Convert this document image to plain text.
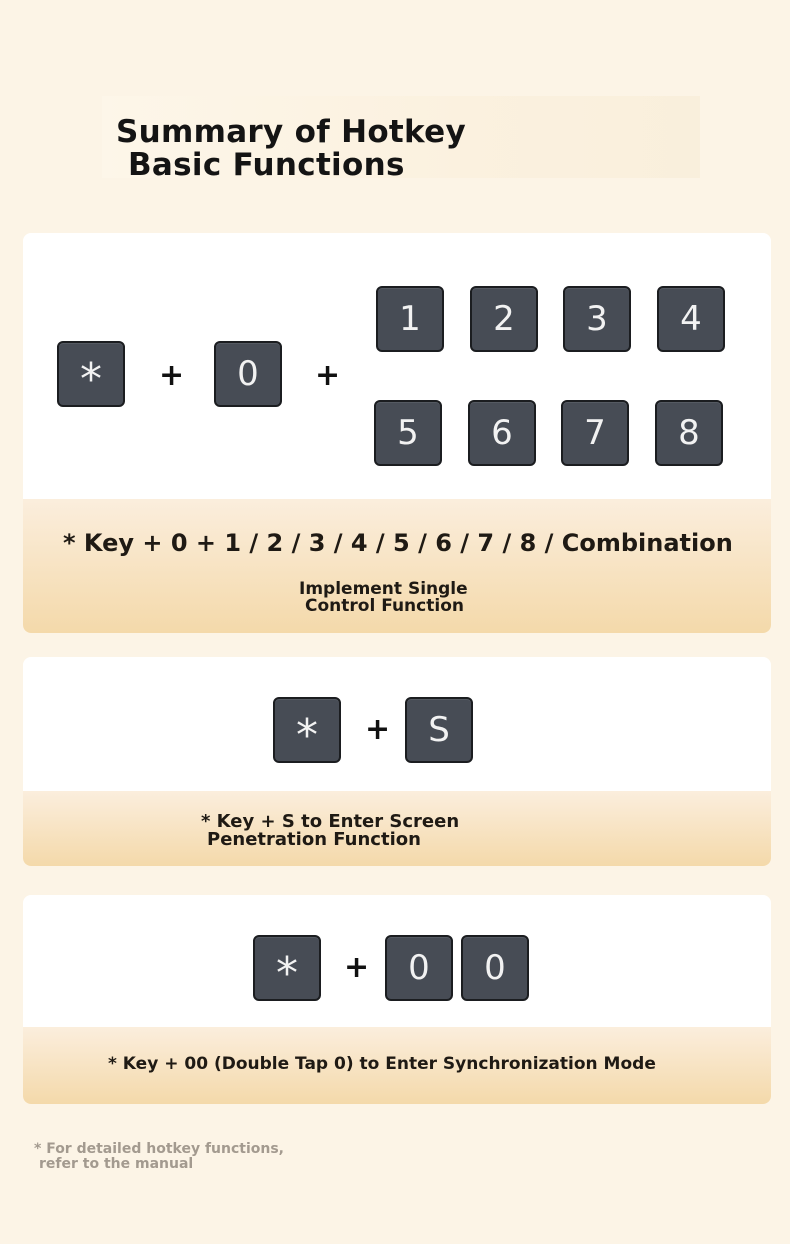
Summary of Hotkey
Basic Functions
*	+	0	+
1	2	3	4
5	6	7	8
* Key + 0 + 1 / 2 / 3 / 4 / 5 / 6 / 7 / 8 / Combination
Implement Single
Control Function
*	+	S
* Key + S to Enter Screen
Penetration Function
*	+	0	0
* Key + 00 (Double Tap 0) to Enter Synchronization Mode

* For detailed hotkey functions,
refer to the manual
